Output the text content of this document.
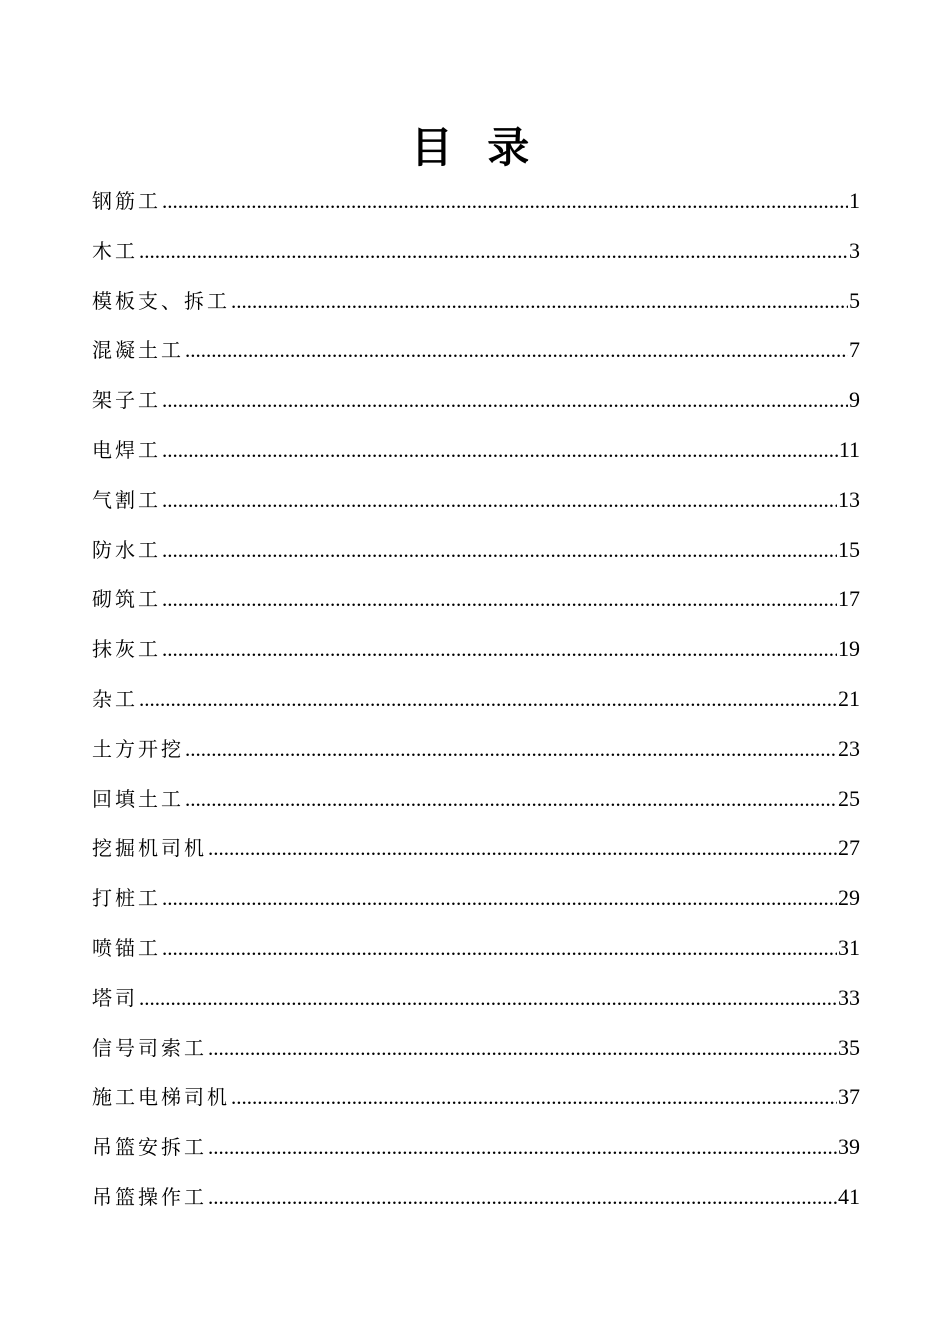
目 录
钢筋工 .....	1
木工 .....	3
模板支、拆工 .....	5
混凝土工 .....	7
架子工 .....	9
电焊工 .....	11
气割工 .....	13
防水工 .....	15
砌筑工 .....	17
抹灰工 .....	19
杂工 .....	21
土方开挖 .....	23
回填土工 .....	25
挖掘机司机 .....	27
打桩工 .....	29
喷锚工 .....	31
塔司 .....	33
信号司索工 .....	35
施工电梯司机 .....	37
吊篮安拆工 .....	39
吊篮操作工 .....	41
